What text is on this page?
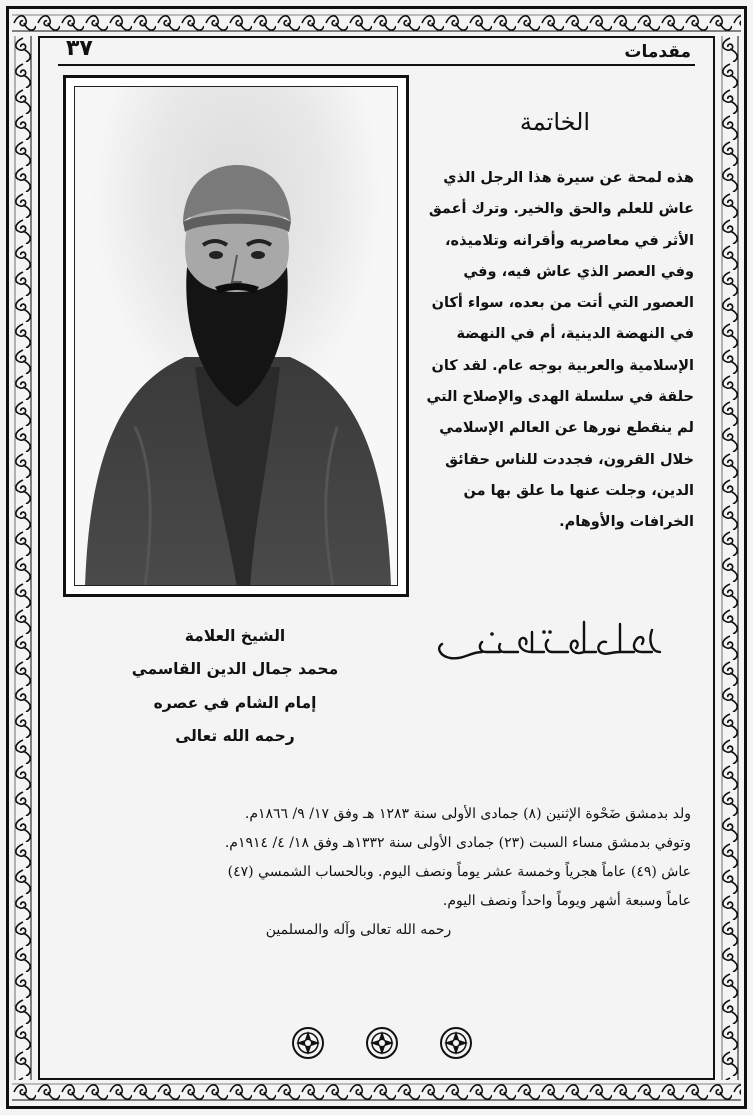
٣٧	مقدمات
الخاتمة
هذه لمحة عن سيرة هذا الرجل الذي
عاش للعلم والحق والخير. وترك أعمق
الأثر في معاصريه وأقرانه وتلاميذه،
وفي العصر الذي عاش فيه، وفي
العصور التي أتت من بعده، سواء أكان
في النهضة الدينية، أم في النهضة
الإسلامية والعربية بوجه عام. لقد كان
حلقة في سلسلة الهدى والإصلاح التي
لم ينقطع نورها عن العالم الإسلامي
خلال القرون، فجددت للناس حقائق
الدين، وجلت عنها ما علق بها من
الخرافات والأوهام.
الشيخ العلامة
محمد جمال الدين القاسمي
إمام الشام في عصره
رحمه الله تعالى
ولد بدمشق ضَحْوة الإثنين (٨) جمادى الأولى سنة ١٢٨٣ هـ وفق ١٧/ ٩/ ١٨٦٦م.
وتوفي بدمشق مساء السبت (٢٣) جمادى الأولى سنة ١٣٣٢هـ وفق ١٨/ ٤/ ١٩١٤م.
عاش (٤٩) عاماً هجرياً وخمسة عشر يوماً ونصف اليوم. وبالحساب الشمسي (٤٧)
عاماً وسبعة أشهر ويوماً واحداً ونصف اليوم.
رحمه الله تعالى وآله والمسلمين
